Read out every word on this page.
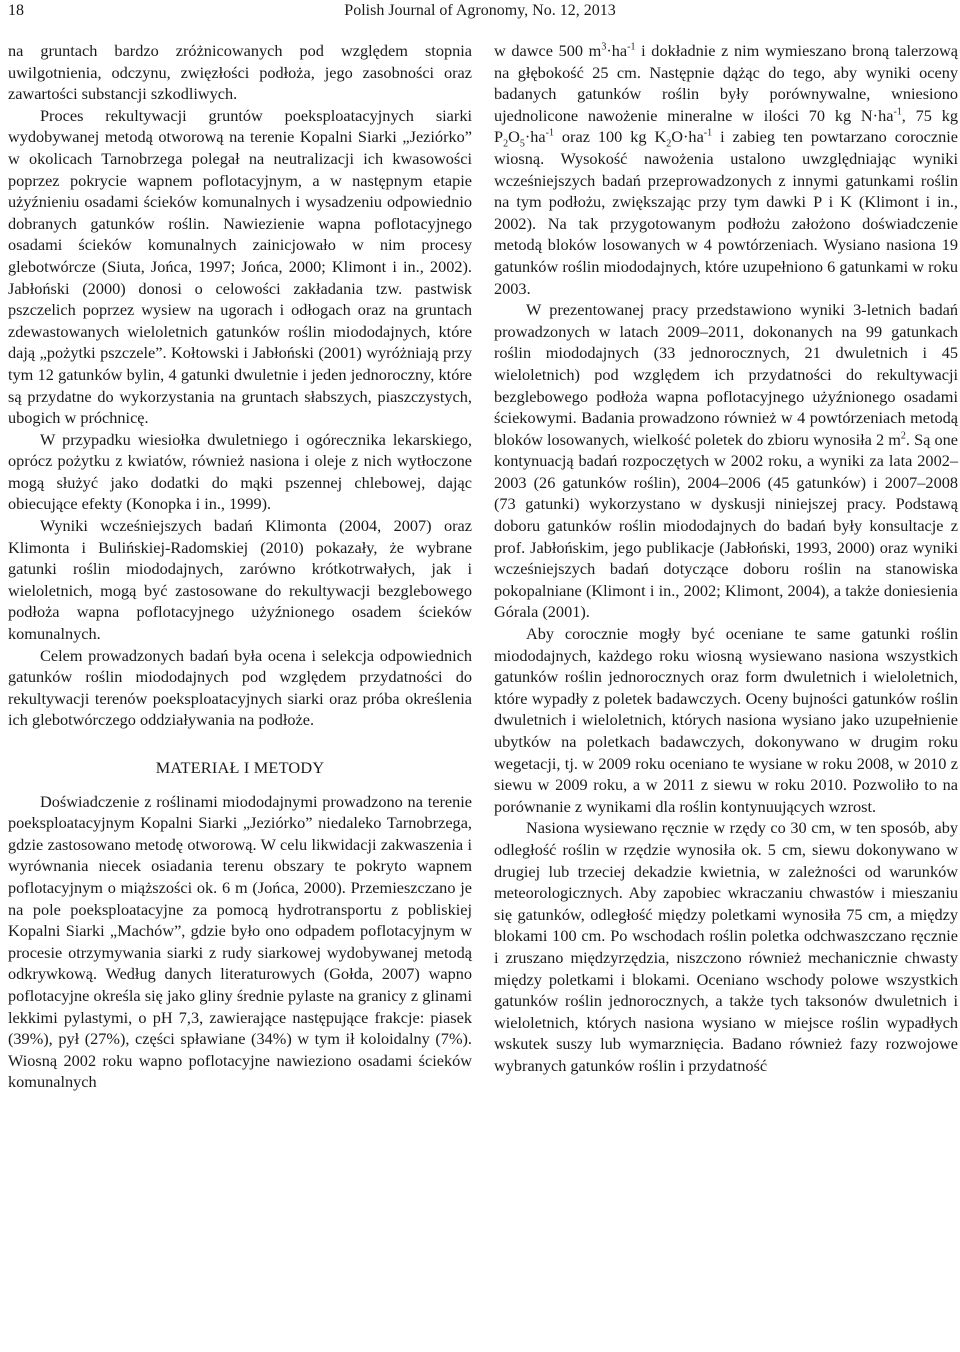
18	Polish Journal of Agronomy, No. 12, 2013

na gruntach bardzo zróżnicowanych pod względem stopnia uwilgotnienia, odczynu, zwięzłości podłoża, jego zasobności oraz zawartości substancji szkodliwych.

Proces rekultywacji gruntów poeksploatacyjnych siarki wydobywanej metodą otworową na terenie Kopalni Siarki „Jeziórko” w okolicach Tarnobrzega polegał na neutralizacji ich kwasowości poprzez pokrycie wapnem poflotacyjnym, a w następnym etapie użyźnieniu osadami ścieków komunalnych i wysadzeniu odpowiednio dobranych gatunków roślin. Nawiezienie wapna poflotacyjnego osadami ścieków komunalnych zainicjowało w nim procesy glebotwórcze (Siuta, Jońca, 1997; Jońca, 2000; Klimont i in., 2002). Jabłoński (2000) donosi o celowości zakładania tzw. pastwisk pszczelich poprzez wysiew na ugorach i odłogach oraz na gruntach zdewastowanych wieloletnich gatunków roślin miododajnych, które dają „pożytki pszczele”. Kołtowski i Jabłoński (2001) wyróżniają przy tym 12 gatunków bylin, 4 gatunki dwuletnie i jeden jednoroczny, które są przydatne do wykorzystania na gruntach słabszych, piaszczystych, ubogich w próchnicę.

W przypadku wiesiołka dwuletniego i ogórecznika lekarskiego, oprócz pożytku z kwiatów, również nasiona i oleje z nich wytłoczone mogą służyć jako dodatki do mąki pszennej chlebowej, dając obiecujące efekty (Konopka i in., 1999).

Wyniki wcześniejszych badań Klimonta (2004, 2007) oraz Klimonta i Bulińskiej-Radomskiej (2010) pokazały, że wybrane gatunki roślin miododajnych, zarówno krótkotrwałych, jak i wieloletnich, mogą być zastosowane do rekultywacji bezglebowego podłoża wapna poflotacyjnego użyźnionego osadem ścieków komunalnych.

Celem prowadzonych badań była ocena i selekcja odpowiednich gatunków roślin miododajnych pod względem przydatności do rekultywacji terenów poeksploatacyjnych siarki oraz próba określenia ich glebotwórczego oddziaływania na podłoże.

MATERIAŁ I METODY

Doświadczenie z roślinami miododajnymi prowadzono na terenie poeksploatacyjnym Kopalni Siarki „Jeziórko” niedaleko Tarnobrzega, gdzie zastosowano metodę otworową. W celu likwidacji zakwaszenia i wyrównania niecek osiadania terenu obszary te pokryto wapnem poflotacyjnym o miąższości ok. 6 m (Jońca, 2000). Przemieszczano je na pole poeksploatacyjne za pomocą hydrotransportu z pobliskiej Kopalni Siarki „Machów”, gdzie było ono odpadem poflotacyjnym w procesie otrzymywania siarki z rudy siarkowej wydobywanej metodą odkrywkową. Według danych literaturowych (Gołda, 2007) wapno poflotacyjne określa się jako gliny średnie pylaste na granicy z glinami lekkimi pylastymi, o pH 7,3, zawierające następujące frakcje: piasek (39%), pył (27%), części spławiane (34%) w tym ił koloidalny (7%). Wiosną 2002 roku wapno poflotacyjne nawieziono osadami ścieków komunalnych

w dawce 500 $m^3\cdot ha^{-1}$ i dokładnie z nim wymieszano broną talerzową na głębokość 25 cm. Następnie dążąc do tego, aby wyniki oceny badanych gatunków roślin były porównywalne, wniesiono ujednolicone nawożenie mineralne w ilości 70 kg $N\cdot ha^{-1}$, 75 kg $P_2O_5\cdot ha^{-1}$ oraz 100 kg $K_2O\cdot ha^{-1}$ i zabieg ten powtarzano corocznie wiosną. Wysokość nawożenia ustalono uwzględniając wyniki wcześniejszych badań przeprowadzonych z innymi gatunkami roślin na tym podłożu, zwiększając przy tym dawki P i K (Klimont i in., 2002). Na tak przygotowanym podłożu założono doświadczenie metodą bloków losowanych w 4 powtórzeniach. Wysiano nasiona 19 gatunków roślin miododajnych, które uzupełniono 6 gatunkami w roku 2003.

W prezentowanej pracy przedstawiono wyniki 3-letnich badań prowadzonych w latach 2009–2011, dokonanych na 99 gatunkach roślin miododajnych (33 jednorocznych, 21 dwuletnich i 45 wieloletnich) pod względem ich przydatności do rekultywacji bezglebowego podłoża wapna poflotacyjnego użyźnionego osadami ściekowymi. Badania prowadzono również w 4 powtórzeniach metodą bloków losowanych, wielkość poletek do zbioru wynosiła 2 $m^2$. Są one kontynuacją badań rozpoczętych w 2002 roku, a wyniki za lata 2002–2003 (26 gatunków roślin), 2004–2006 (45 gatunków) i 2007–2008 (73 gatunki) wykorzystano w dyskusji niniejszej pracy. Podstawą doboru gatunków roślin miododajnych do badań były konsultacje z prof. Jabłońskim, jego publikacje (Jabłoński, 1993, 2000) oraz wyniki wcześniejszych badań dotyczące doboru roślin na stanowiska pokopalniane (Klimont i in., 2002; Klimont, 2004), a także doniesienia Górala (2001).

Aby corocznie mogły być oceniane te same gatunki roślin miododajnych, każdego roku wiosną wysiewano nasiona wszystkich gatunków roślin jednorocznych oraz form dwuletnich i wieloletnich, które wypadły z poletek badawczych. Oceny bujności gatunków roślin dwuletnich i wieloletnich, których nasiona wysiano jako uzupełnienie ubytków na poletkach badawczych, dokonywano w drugim roku wegetacji, tj. w 2009 roku oceniano te wysiane w roku 2008, w 2010 z siewu w 2009 roku, a w 2011 z siewu w roku 2010. Pozwoliło to na porównanie z wynikami dla roślin kontynuujących wzrost.

Nasiona wysiewano ręcznie w rzędy co 30 cm, w ten sposób, aby odległość roślin w rzędzie wynosiła ok. 5 cm, siewu dokonywano w drugiej lub trzeciej dekadzie kwietnia, w zależności od warunków meteorologicznych. Aby zapobiec wkraczaniu chwastów i mieszaniu się gatunków, odległość między poletkami wynosiła 75 cm, a między blokami 100 cm. Po wschodach roślin poletka odchwaszczano ręcznie i zruszano międzyrzędzia, niszczono również mechanicznie chwasty między poletkami i blokami. Oceniano wschody polowe wszystkich gatunków roślin jednorocznych, a także tych taksonów dwuletnich i wieloletnich, których nasiona wysiano w miejsce roślin wypadłych wskutek suszy lub wymarznięcia. Badano również fazy rozwojowe wybranych gatunków roślin i przydatność
